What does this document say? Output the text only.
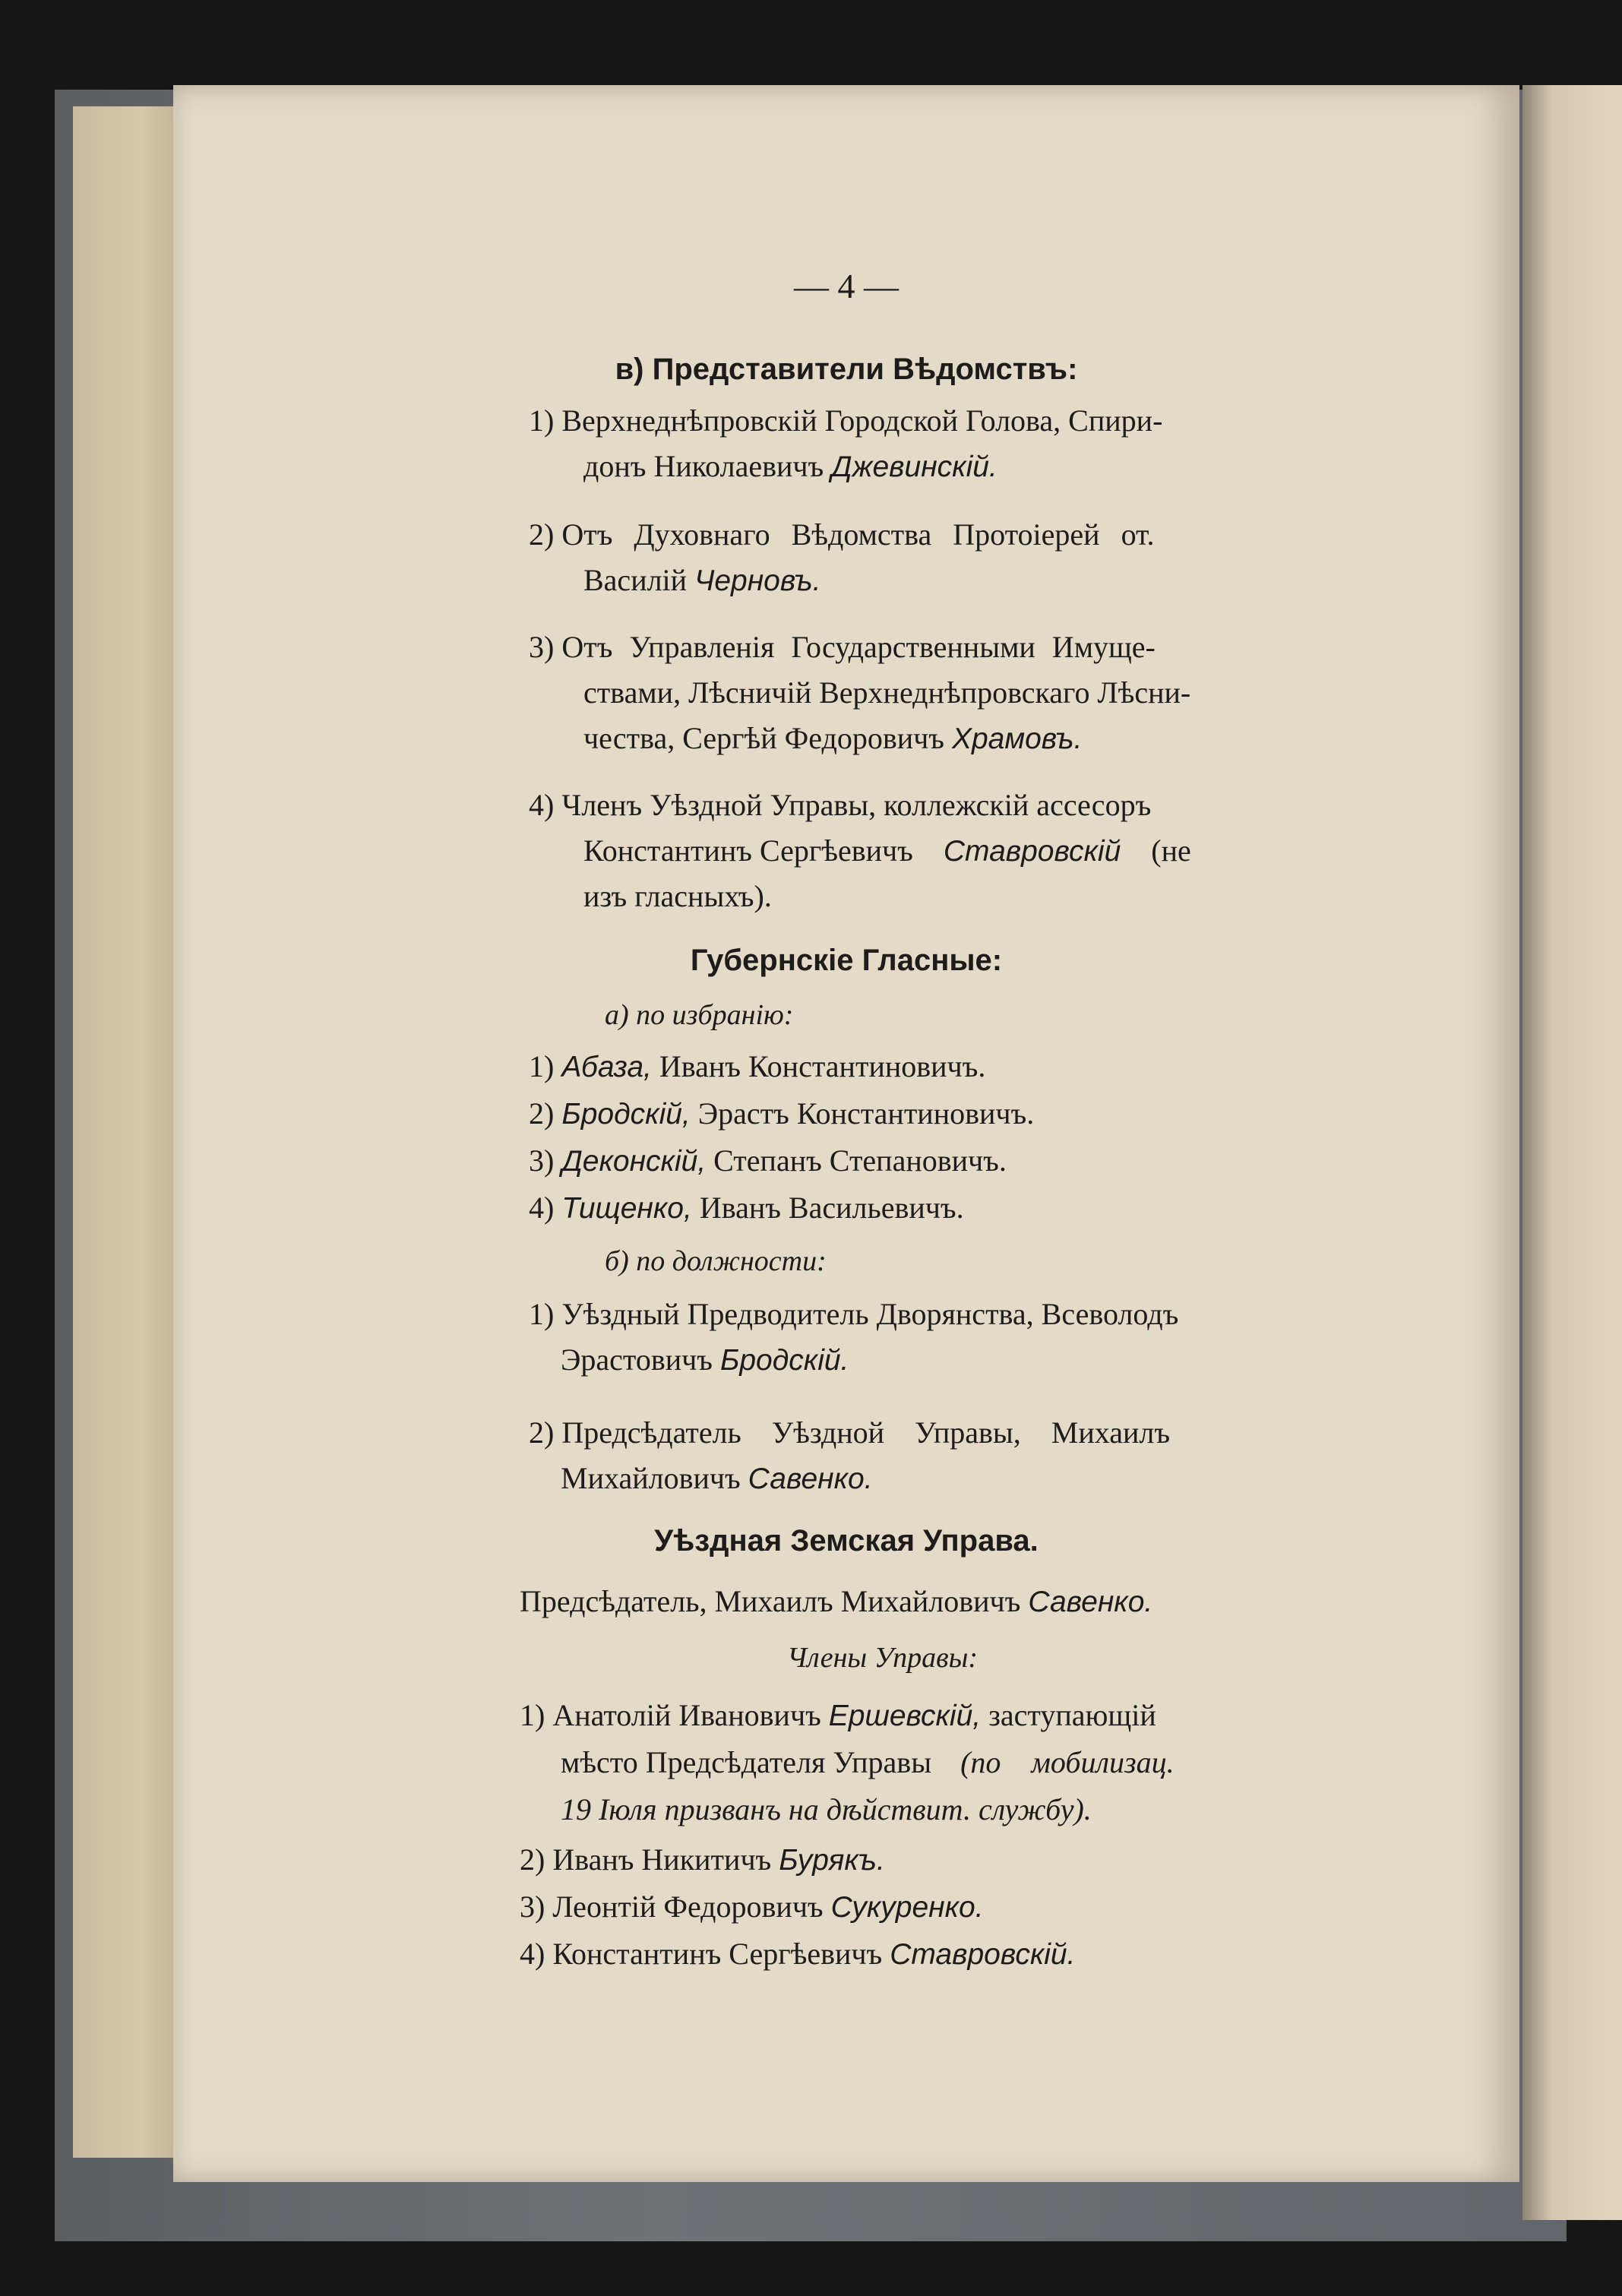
— 4 —
в) Представители Вѣдомствъ:
1) Верхнеднѣпровскій Городской Голова, Спири-
донъ Николаевичъ Джевинскій.
2) Отъ Духовнаго Вѣдомства Протоіерей от.
Василій Черновъ.
3) Отъ Управленія Государственными Имуще-
ствами, Лѣсничій Верхнеднѣпровскаго Лѣсни-
чества, Сергѣй Федоровичъ Храмовъ.
4) Членъ Уѣздной Управы, коллежскій ассесоръ
Константинъ Сергѣевичъ Ставровскій (не
изъ гласныхъ).
Губернскіе Гласные:
а) по избранію:
1) Абаза, Иванъ Константиновичъ.
2) Бродскій, Эрастъ Константиновичъ.
3) Деконскій, Степанъ Степановичъ.
4) Тищенко, Иванъ Васильевичъ.
б) по должности:
1) Уѣздный Предводитель Дворянства, Всеволодъ
Эрастовичъ Бродскій.
2) Предсѣдатель Уѣздной Управы, Михаилъ
Михайловичъ Савенко.
Уѣздная Земская Управа.
Предсѣдатель, Михаилъ Михайловичъ Савенко.
Члены Управы:
1) Анатолій Ивановичъ Ершевскій, заступающій
мѣсто Предсѣдателя Управы (по мобилизац.
19 Іюля призванъ на дѣйствит. службу).
2) Иванъ Никитичъ Бурякъ.
3) Леонтій Федоровичъ Сукуренко.
4) Константинъ Сергѣевичъ Ставровскій.
